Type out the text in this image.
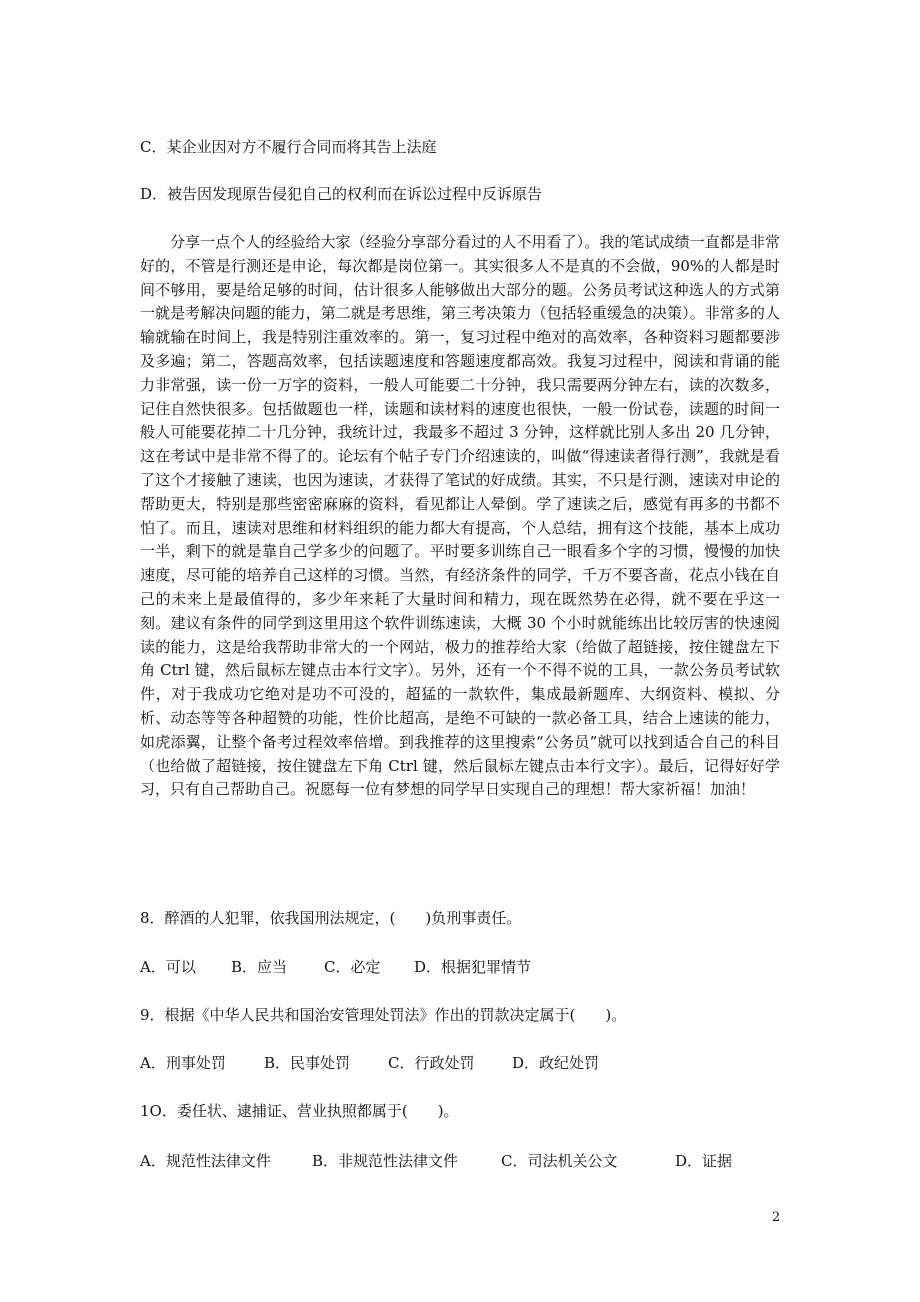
C．某企业因对方不履行合同而将其告上法庭
D．被告因发现原告侵犯自己的权利而在诉讼过程中反诉原告
分享一点个人的经验给大家（经验分享部分看过的人不用看了）。我的笔试成绩一直都是非常好的，不管是行测还是申论，每次都是岗位第一。其实很多人不是真的不会做，90%的人都是时间不够用，要是给足够的时间，估计很多人能够做出大部分的题。公务员考试这种选人的方式第一就是考解决问题的能力，第二就是考思维，第三考决策力（包括轻重缓急的决策）。非常多的人输就输在时间上，我是特别注重效率的。第一，复习过程中绝对的高效率，各种资料习题都要涉及多遍；第二，答题高效率，包括读题速度和答题速度都高效。我复习过程中，阅读和背诵的能力非常强，读一份一万字的资料，一般人可能要二十分钟，我只需要两分钟左右，读的次数多，记住自然快很多。包括做题也一样，读题和读材料的速度也很快，一般一份试卷，读题的时间一般人可能要花掉二十几分钟，我统计过，我最多不超过 3 分钟，这样就比别人多出 20 几分钟，这在考试中是非常不得了的。论坛有个帖子专门介绍速读的，叫做“得速读者得行测”，我就是看了这个才接触了速读，也因为速读，才获得了笔试的好成绩。其实，不只是行测，速读对申论的帮助更大，特别是那些密密麻麻的资料，看见都让人晕倒。学了速读之后，感觉有再多的书都不怕了。而且，速读对思维和材料组织的能力都大有提高，个人总结，拥有这个技能，基本上成功一半，剩下的就是靠自己学多少的问题了。平时要多训练自己一眼看多个字的习惯，慢慢的加快速度，尽可能的培养自己这样的习惯。当然，有经济条件的同学，千万不要吝啬，花点小钱在自己的未来上是最值得的，多少年来耗了大量时间和精力，现在既然势在必得，就不要在乎这一刻。建议有条件的同学到这里用这个软件训练速读，大概 30 个小时就能练出比较厉害的快速阅读的能力，这是给我帮助非常大的一个网站，极力的推荐给大家（给做了超链接，按住键盘左下角 Ctrl 键，然后鼠标左键点击本行文字）。另外，还有一个不得不说的工具，一款公务员考试软件，对于我成功它绝对是功不可没的，超猛的一款软件，集成最新题库、大纲资料、模拟、分析、动态等等各种超赞的功能，性价比超高，是绝不可缺的一款必备工具，结合上速读的能力，如虎添翼，让整个备考过程效率倍增。到我推荐的这里搜索“公务员”就可以找到适合自己的科目（也给做了超链接，按住键盘左下角 Ctrl 键，然后鼠标左键点击本行文字）。最后，记得好好学习，只有自己帮助自己。祝愿每一位有梦想的同学早日实现自己的理想！帮大家祈福！加油！
8．醉酒的人犯罪，依我国刑法规定，(　　)负刑事责任。
A．可以 B．应当 C．必定 D．根据犯罪情节
9．根据《中华人民共和国治安管理处罚法》作出的罚款决定属于(　　)。
A．刑事处罚	B．民事处罚	C．行政处罚	D．政纪处罚
1O．委任状、逮捕证、营业执照都属于(　　)。
A．规范性法律文件	B．非规范性法律文件	C．司法机关公文	D．证据
2
